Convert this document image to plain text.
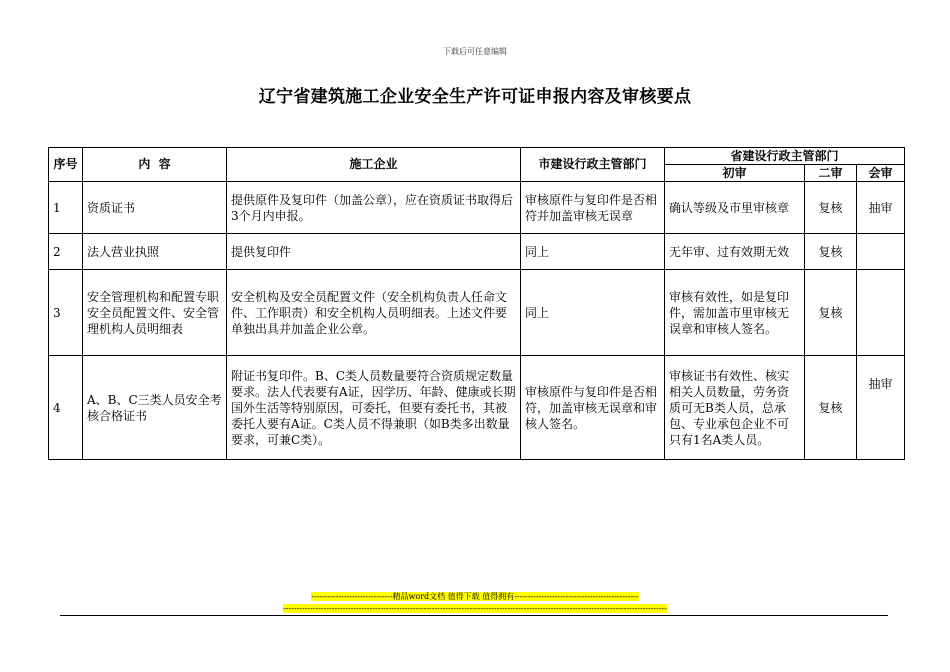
下载后可任意编辑
辽宁省建筑施工企业安全生产许可证申报内容及审核要点
序号	内  容	施工企业	市建设行政主管部门	省建设行政主管部门		
				初审	二审	会审
1	资质证书	提供原件及复印件（加盖公章），应在资质证书取得后3个月内申报。	审核原件与复印件是否相符并加盖审核无误章	确认等级及市里审核章	复核	抽审
2	法人营业执照	提供复印件	同上	无年审、过有效期无效	复核	
3	安全管理机构和配置专职安全员配置文件、安全管理机构人员明细表	安全机构及安全员配置文件（安全机构负责人任命文件、工作职责）和安全机构人员明细表。上述文件要单独出具并加盖企业公章。	同上	审核有效性，如是复印件，需加盖市里审核无误章和审核人签名。	复核	
4	A、B、C三类人员安全考核合格证书	附证书复印件。B、C类人员数量要符合资质规定数量要求。法人代表要有A证，因学历、年龄、健康或长期国外生活等特别原因，可委托，但要有委托书，其被委托人要有A证。C类人员不得兼职（如B类多出数量要求，可兼C类）。	审核原件与复印件是否相符，加盖审核无误章和审核人签名。	审核证书有效性、核实相关人员数量，劳务资质可无B类人员，总承包、专业承包企业不可只有1名A类人员。	复核	抽审
------------------------------精品word文档 值得下载 值得拥有----------------------------------------------
----------------------------------------------------------------------------------------------------------------------------------------------
